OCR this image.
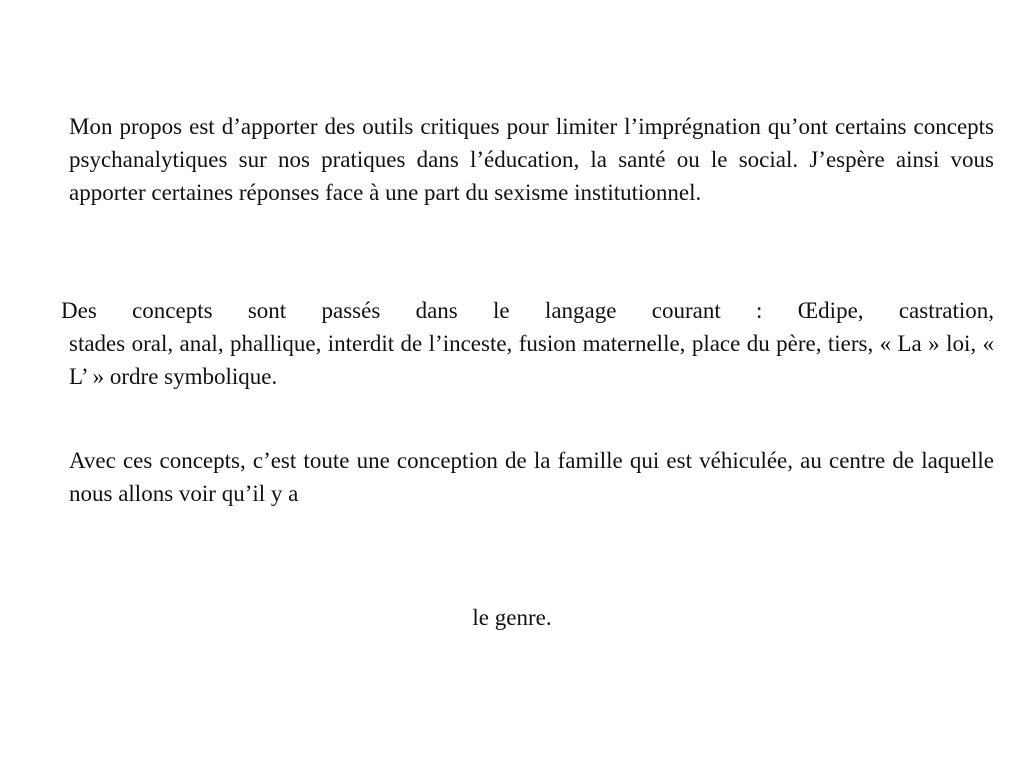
Mon propos est d’apporter des outils critiques pour limiter l’imprégnation qu’ont certains concepts psychanalytiques sur nos pratiques dans l’éducation, la santé ou le social. J’espère ainsi vous apporter certaines réponses face à une part du sexisme institutionnel.

Des concepts sont passés dans le langage courant : Œdipe, castration,
stades oral, anal, phallique, interdit de l’inceste, fusion maternelle, place du père, tiers, « La » loi, « L’ » ordre symbolique.

Avec ces concepts, c’est toute une conception de la famille qui est véhiculée, au centre de laquelle nous allons voir qu’il y a

le genre.
